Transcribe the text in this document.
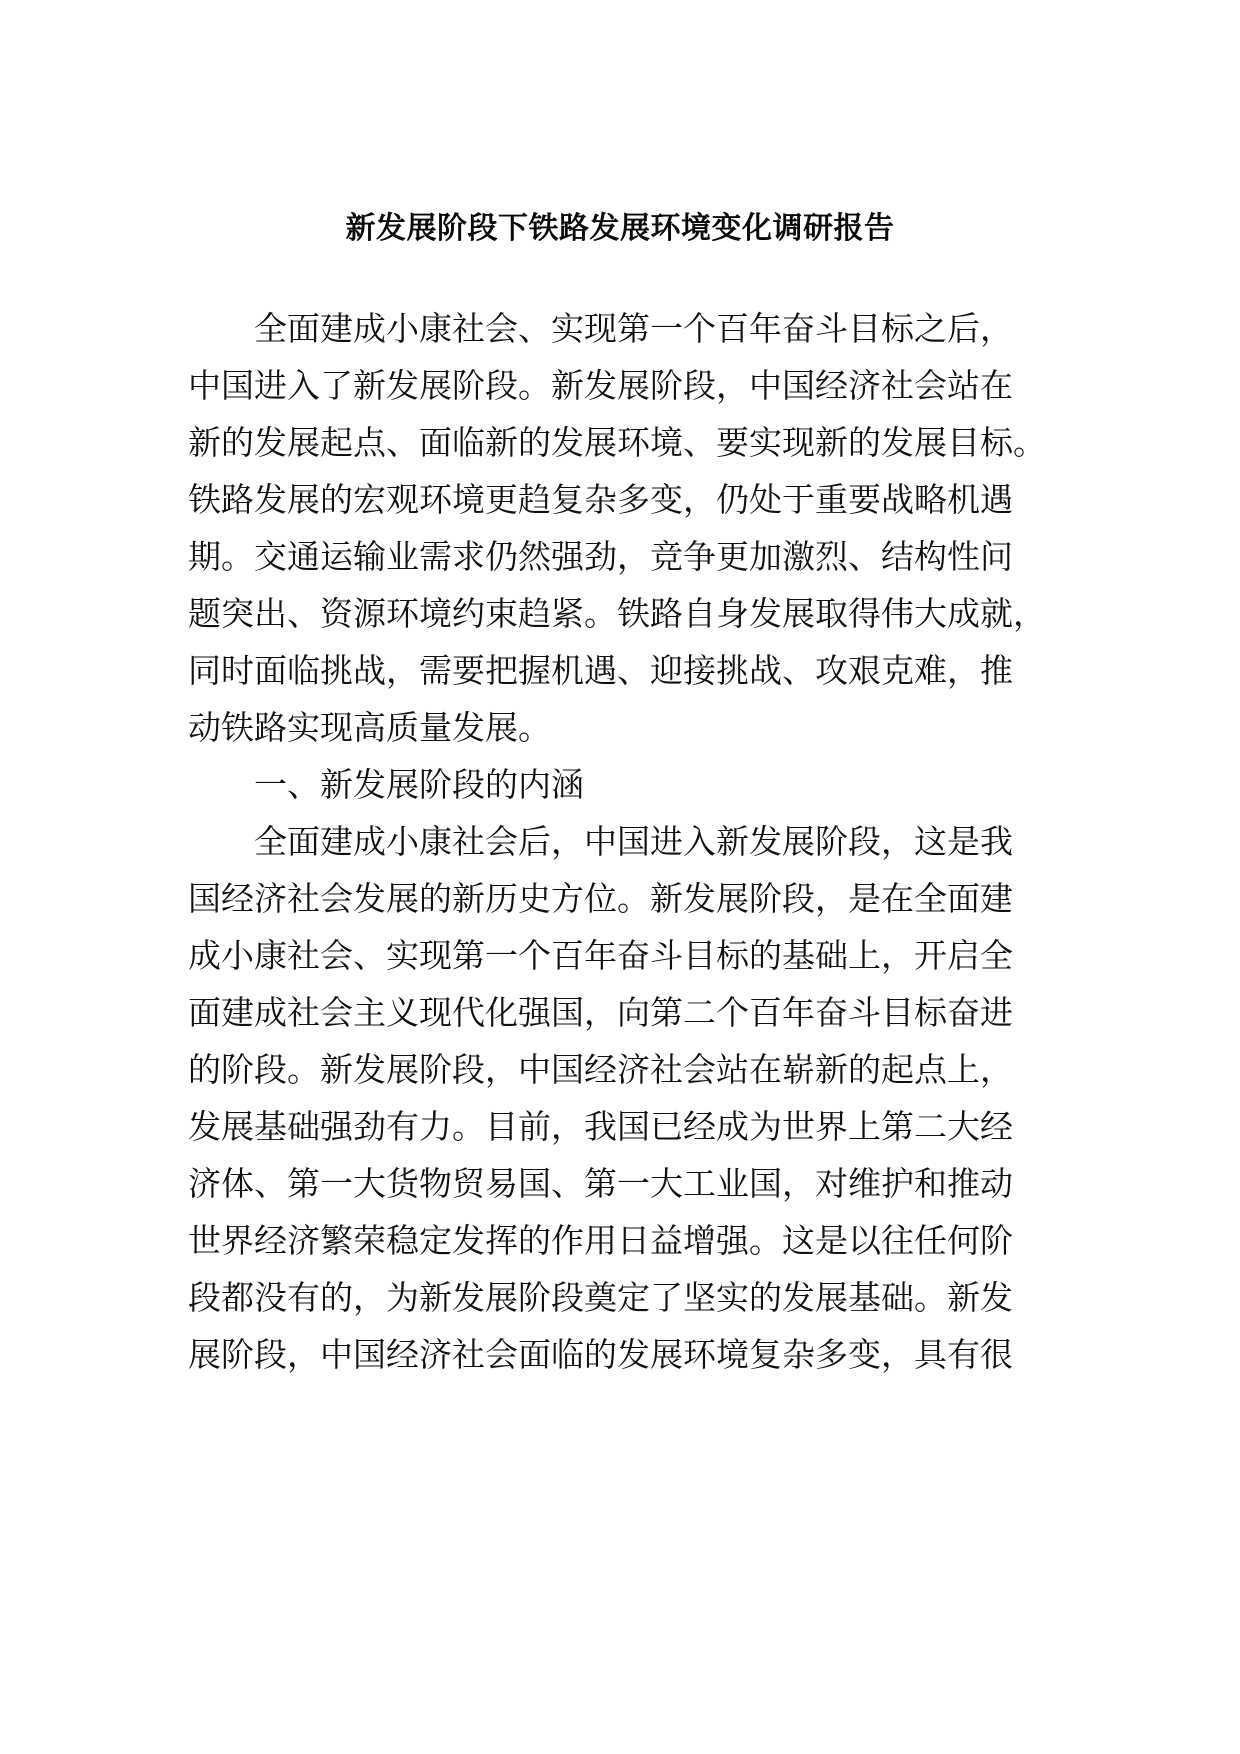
新发展阶段下铁路发展环境变化调研报告
全面建成小康社会、实现第一个百年奋斗目标之后，
中国进入了新发展阶段。新发展阶段，中国经济社会站在
新的发展起点、面临新的发展环境、要实现新的发展目标。
铁路发展的宏观环境更趋复杂多变，仍处于重要战略机遇
期。交通运输业需求仍然强劲，竞争更加激烈、结构性问
题突出、资源环境约束趋紧。铁路自身发展取得伟大成就，
同时面临挑战，需要把握机遇、迎接挑战、攻艰克难，推
动铁路实现高质量发展。
一、新发展阶段的内涵
全面建成小康社会后，中国进入新发展阶段，这是我
国经济社会发展的新历史方位。新发展阶段，是在全面建
成小康社会、实现第一个百年奋斗目标的基础上，开启全
面建成社会主义现代化强国，向第二个百年奋斗目标奋进
的阶段。新发展阶段，中国经济社会站在崭新的起点上，
发展基础强劲有力。目前，我国已经成为世界上第二大经
济体、第一大货物贸易国、第一大工业国，对维护和推动
世界经济繁荣稳定发挥的作用日益增强。这是以往任何阶
段都没有的，为新发展阶段奠定了坚实的发展基础。新发
展阶段，中国经济社会面临的发展环境复杂多变，具有很
